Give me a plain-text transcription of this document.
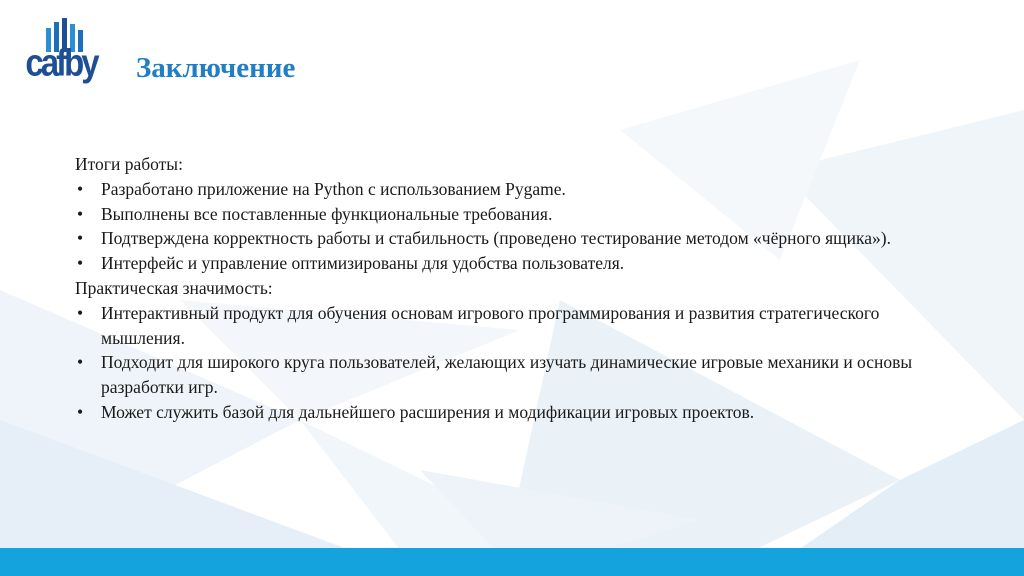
cafby Заключение

Итоги работы:

• Разработано приложение на Python с использованием Pygame.
• Выполнены все поставленные функциональные требования.
• Подтверждена корректность работы и стабильность (проведено тестирование методом «чёрного ящика»).
• Интерфейс и управление оптимизированы для удобства пользователя.

Практическая значимость:

• Интерактивный продукт для обучения основам игрового программирования и развития стратегического мышления.
• Подходит для широкого круга пользователей, желающих изучать динамические игровые механики и основы разработки игр.
• Может служить базой для дальнейшего расширения и модификации игровых проектов.
